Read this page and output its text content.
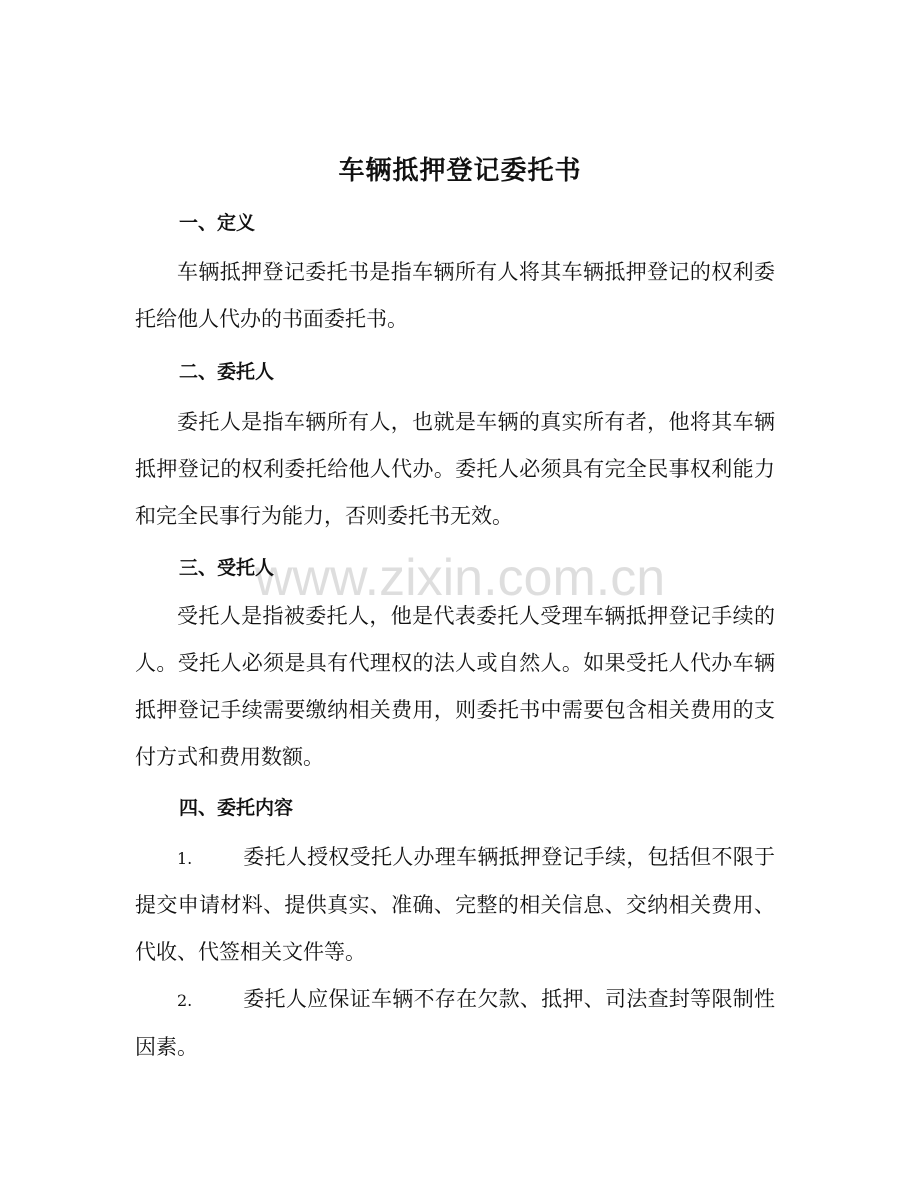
车辆抵押登记委托书
一、定义

车辆抵押登记委托书是指车辆所有人将其车辆抵押登记的权利委托给他人代办的书面委托书。

二、委托人

委托人是指车辆所有人，也就是车辆的真实所有者，他将其车辆抵押登记的权利委托给他人代办。委托人必须具有完全民事权利能力和完全民事行为能力，否则委托书无效。

三、受托人

受托人是指被委托人，他是代表委托人受理车辆抵押登记手续的人。受托人必须是具有代理权的法人或自然人。如果受托人代办车辆抵押登记手续需要缴纳相关费用，则委托书中需要包含相关费用的支付方式和费用数额。

四、委托内容

1. 委托人授权受托人办理车辆抵押登记手续，包括但不限于提交申请材料、提供真实、准确、完整的相关信息、交纳相关费用、代收、代签相关文件等。

2. 委托人应保证车辆不存在欠款、抵押、司法查封等限制性因素。

www.zixin.com.cn
